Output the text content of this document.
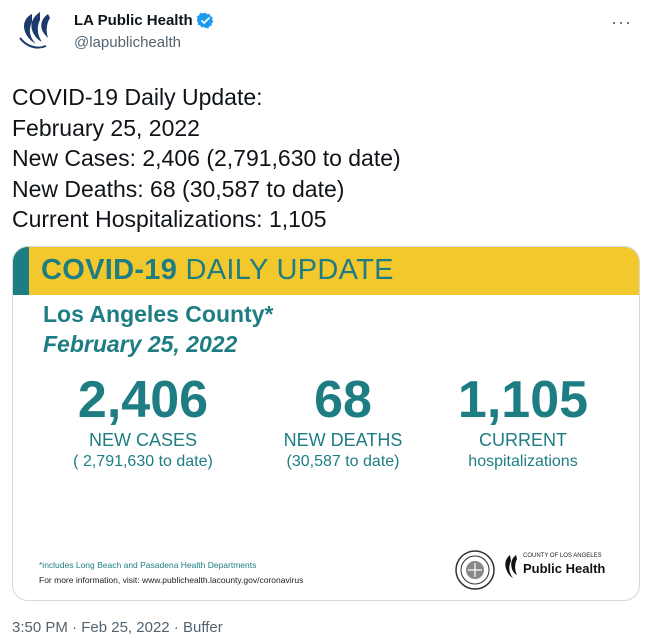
LA Public Health
@lapublichealth
···
COVID-19 Daily Update:
February 25, 2022
New Cases: 2,406 (2,791,630 to date)
New Deaths: 68 (30,587 to date)
Current Hospitalizations: 1,105
COVID-19 DAILY UPDATE
Los Angeles County*
February 25, 2022
2,406
NEW CASES
( 2,791,630 to date)
68
NEW DEATHS
(30,587 to date)
1,105
CURRENT
hospitalizations
*includes Long Beach and Pasadena Health Departments
For more information, visit: www.publichealth.lacounty.gov/coronavirus
COUNTY OF LOS ANGELES
Public Health
3:50 PM · Feb 25, 2022 · Buffer
